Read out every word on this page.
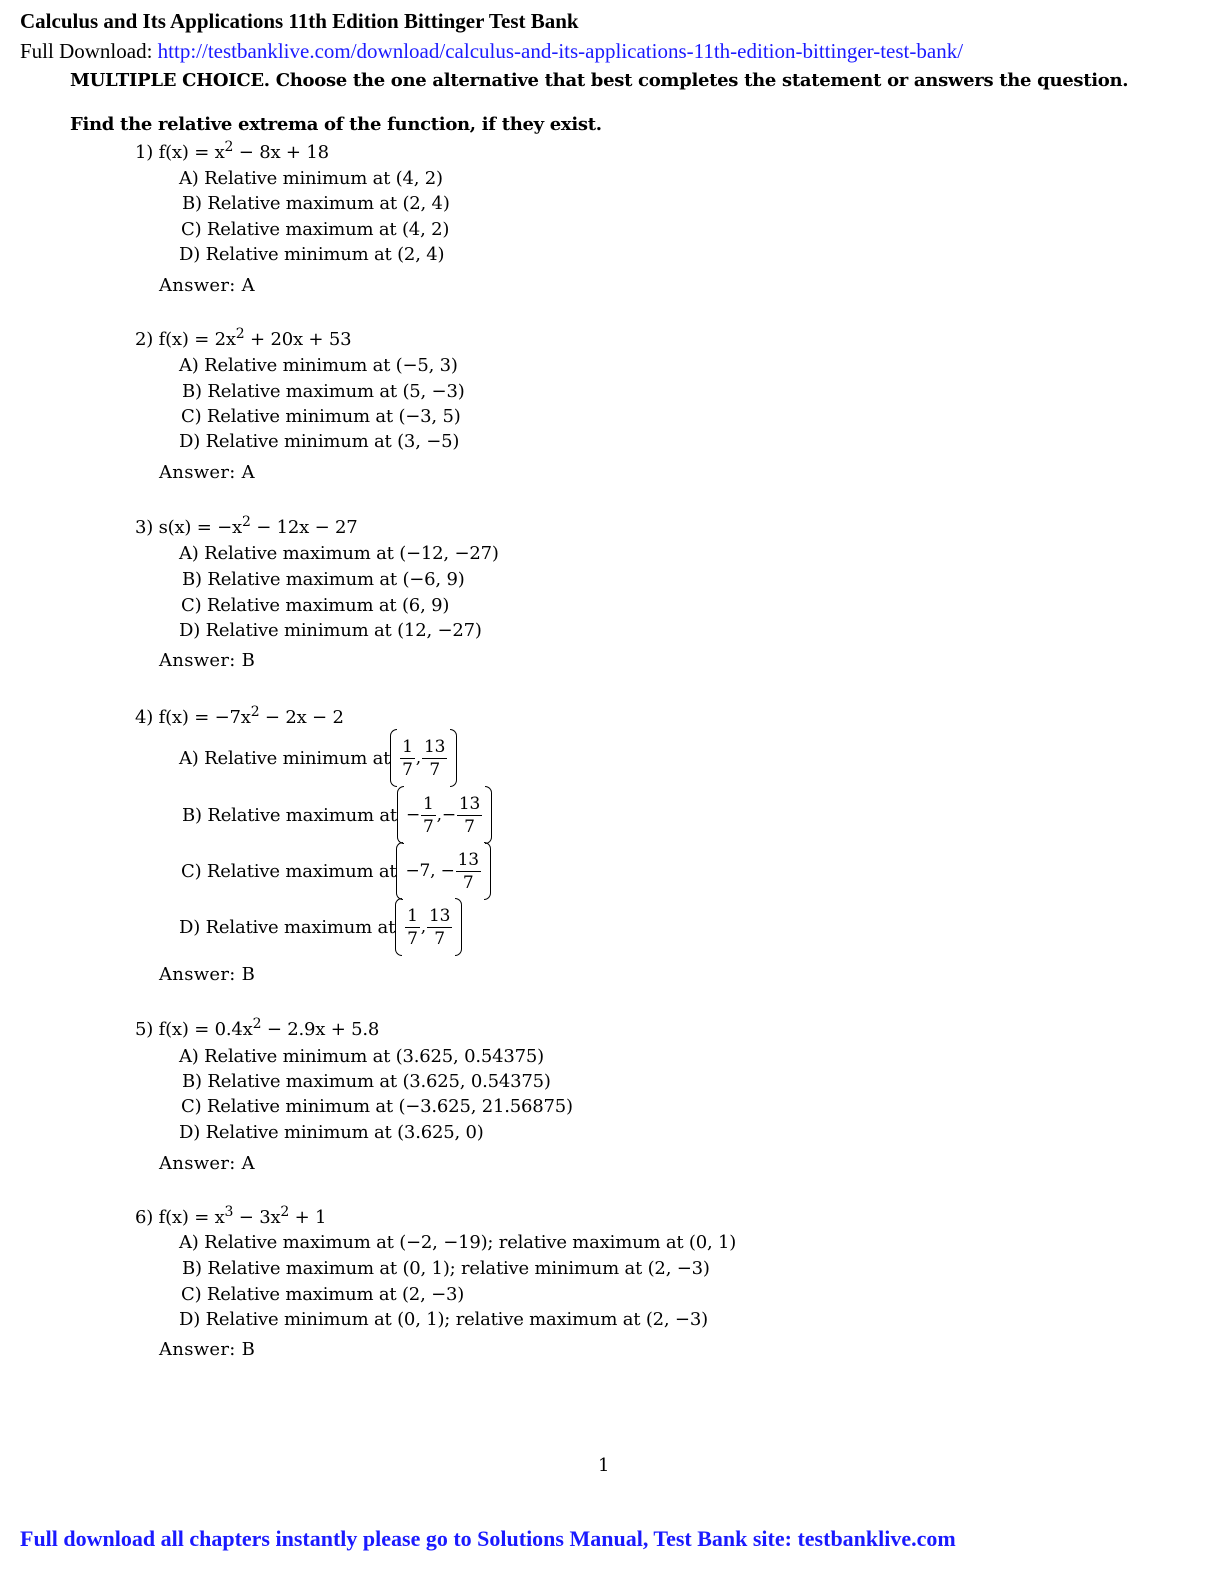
Calculus and Its Applications 11th Edition Bittinger Test Bank
Full Download: http://testbanklive.com/download/calculus-and-its-applications-11th-edition-bittinger-test-bank/
MULTIPLE CHOICE. Choose the one alternative that best completes the statement or answers the question.
Find the relative extrema of the function, if they exist.
1) $f(x) = x^2 - 8x + 18$
A) Relative minimum at (4, 2)
B) Relative maximum at (2, 4)
C) Relative maximum at (4, 2)
D) Relative minimum at (2, 4)
Answer: A
2) $f(x) = 2x^2 + 20x + 53$
A) Relative minimum at (−5, 3)
B) Relative maximum at (5, −3)
C) Relative minimum at (−3, 5)
D) Relative minimum at (3, −5)
Answer: A
3) $s(x) = -x^2 - 12x - 27$
A) Relative maximum at (−12, −27)
B) Relative maximum at (−6, 9)
C) Relative maximum at (6, 9)
D) Relative minimum at (12, −27)
Answer: B
4) $f(x) = -7x^2 - 2x - 2$
A) Relative minimum at $\frac{1}{7}$ , $\frac{13}{7}$
B) Relative maximum at − $\frac{1}{7}$ , − $\frac{13}{7}$
C) Relative maximum at −7,
− $\frac{13}{7}$
D) Relative maximum at $\frac{1}{7}$ , $\frac{13}{7}$
Answer: B
5) $f(x) = 0.4x^2 - 2.9x + 5.8$
A) Relative minimum at (3.625, 0.54375)
B) Relative maximum at (3.625, 0.54375)
C) Relative minimum at (−3.625, 21.56875)
D) Relative minimum at (3.625, 0)
Answer: A
6) $f(x) = x^3 - 3x^2 + 1$
A) Relative maximum at (−2, −19); relative maximum at (0, 1)
B) Relative maximum at (0, 1); relative minimum at (2, −3)
C) Relative maximum at (2, −3)
D) Relative minimum at (0, 1); relative maximum at (2, −3)
Answer: B
1
Full download all chapters instantly please go to Solutions Manual, Test Bank site: testbanklive.com
